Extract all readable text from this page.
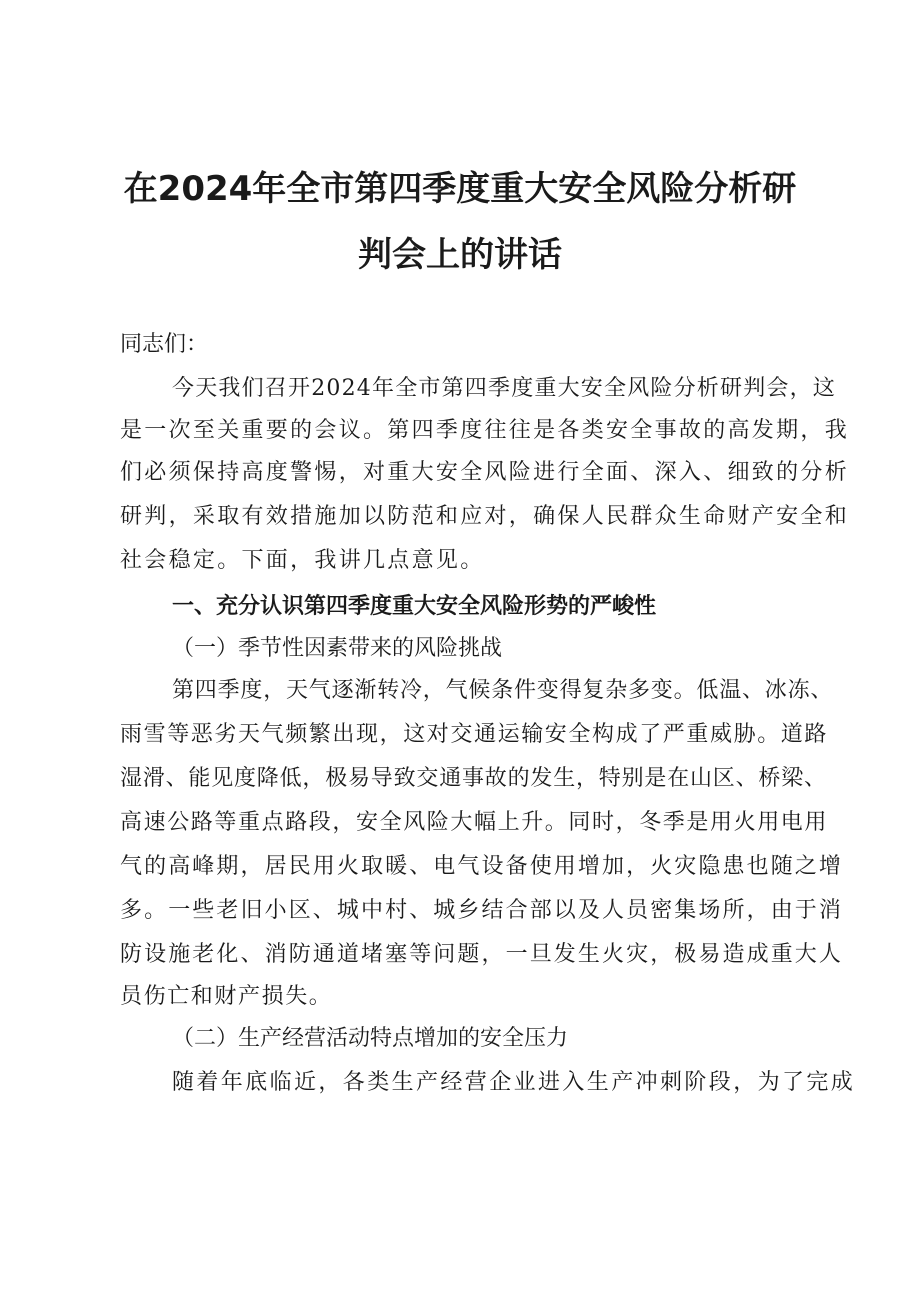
在2024年全市第四季度重大安全风险分析研
判会上的讲话
同志们：
今天我们召开2024年全市第四季度重大安全风险分析研判会，这
是一次至关重要的会议。第四季度往往是各类安全事故的高发期，我
们必须保持高度警惕，对重大安全风险进行全面、深入、细致的分析
研判，采取有效措施加以防范和应对，确保人民群众生命财产安全和
社会稳定。下面，我讲几点意见。
一、充分认识第四季度重大安全风险形势的严峻性
（一）季节性因素带来的风险挑战
第四季度，天气逐渐转冷，气候条件变得复杂多变。低温、冰冻、
雨雪等恶劣天气频繁出现，这对交通运输安全构成了严重威胁。道路
湿滑、能见度降低，极易导致交通事故的发生，特别是在山区、桥梁、
高速公路等重点路段，安全风险大幅上升。同时，冬季是用火用电用
气的高峰期，居民用火取暖、电气设备使用增加，火灾隐患也随之增
多。一些老旧小区、城中村、城乡结合部以及人员密集场所，由于消
防设施老化、消防通道堵塞等问题，一旦发生火灾，极易造成重大人
员伤亡和财产损失。
（二）生产经营活动特点增加的安全压力
随着年底临近，各类生产经营企业进入生产冲刺阶段，为了完成
